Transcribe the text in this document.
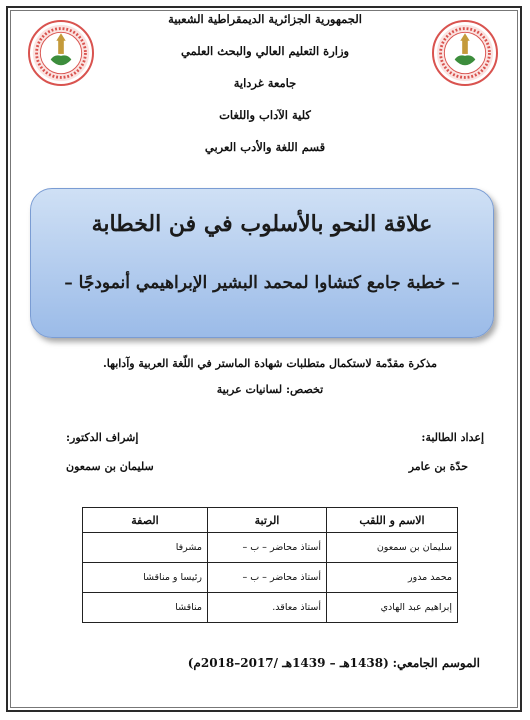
الجمهورية الجزائرية الديمقراطية الشعبية
وزارة التعليم العالي والبحث العلمي
جامعة غرداية
كلية الآداب واللغات
قسم اللغة والأدب العربي
علاقة النحو بالأسلوب في فن الخطابة
– خطبة جامع كتشاوا لمحمد البشير الإبراهيمي أنمودجًا –
مذكرة مقدّمة لاستكمال متطلبات شهادة الماستر في اللّغة العربية وآدابها.
تخصص: لسانيات عربية
إعداد الطالبة:
حدّة بن عامر
إشراف الدكتور:
سليمان بن سمعون
الاسم و اللقب	الرتبة	الصفة
سليمان بن سمعون	أستاذ محاضر – ب –	مشرفا
محمد مدور	أستاذ محاضر – ب –	رئيسا و مناقشا
إبراهيم عبد الهادي	أستاذ معاقد.	مناقشا
الموسم الجامعي: (1438هـ – 1439هـ /2017–2018م)
